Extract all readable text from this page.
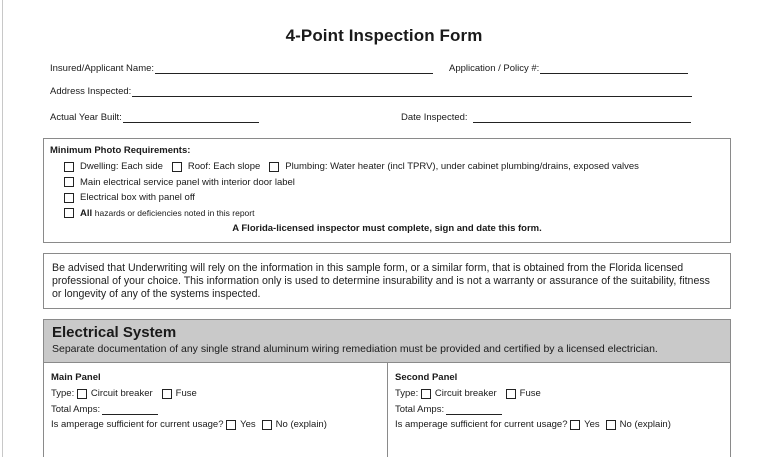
4-Point Inspection Form
Insured/Applicant Name:	Application / Policy #:
Address Inspected:
Actual Year Built:	Date Inspected:
Minimum Photo Requirements:
Dwelling: Each side	Roof: Each slope	Plumbing: Water heater (incl TPRV), under cabinet plumbing/drains, exposed valves
Main electrical service panel with interior door label
Electrical box with panel off
All
hazards or deficiencies noted in this report
A Florida-licensed inspector must complete, sign and date this form.
Be advised that Underwriting will rely on the information in this sample form, or a similar form, that is obtained from the Florida licensed professional of your choice. This information only is used to determine insurability and is not a warranty or assurance of the suitability, fitness or longevity of any of the systems inspected.
Electrical System
Separate documentation of any single strand aluminum wiring remediation must be provided and certified by a licensed electrician.
Main Panel
Type:
Circuit breaker Fuse
Total Amps:
Is amperage sufficient for current usage?
Yes No (explain)
Second Panel
Type:
Circuit breaker Fuse
Total Amps:
Is amperage sufficient for current usage?
Yes No (explain)
